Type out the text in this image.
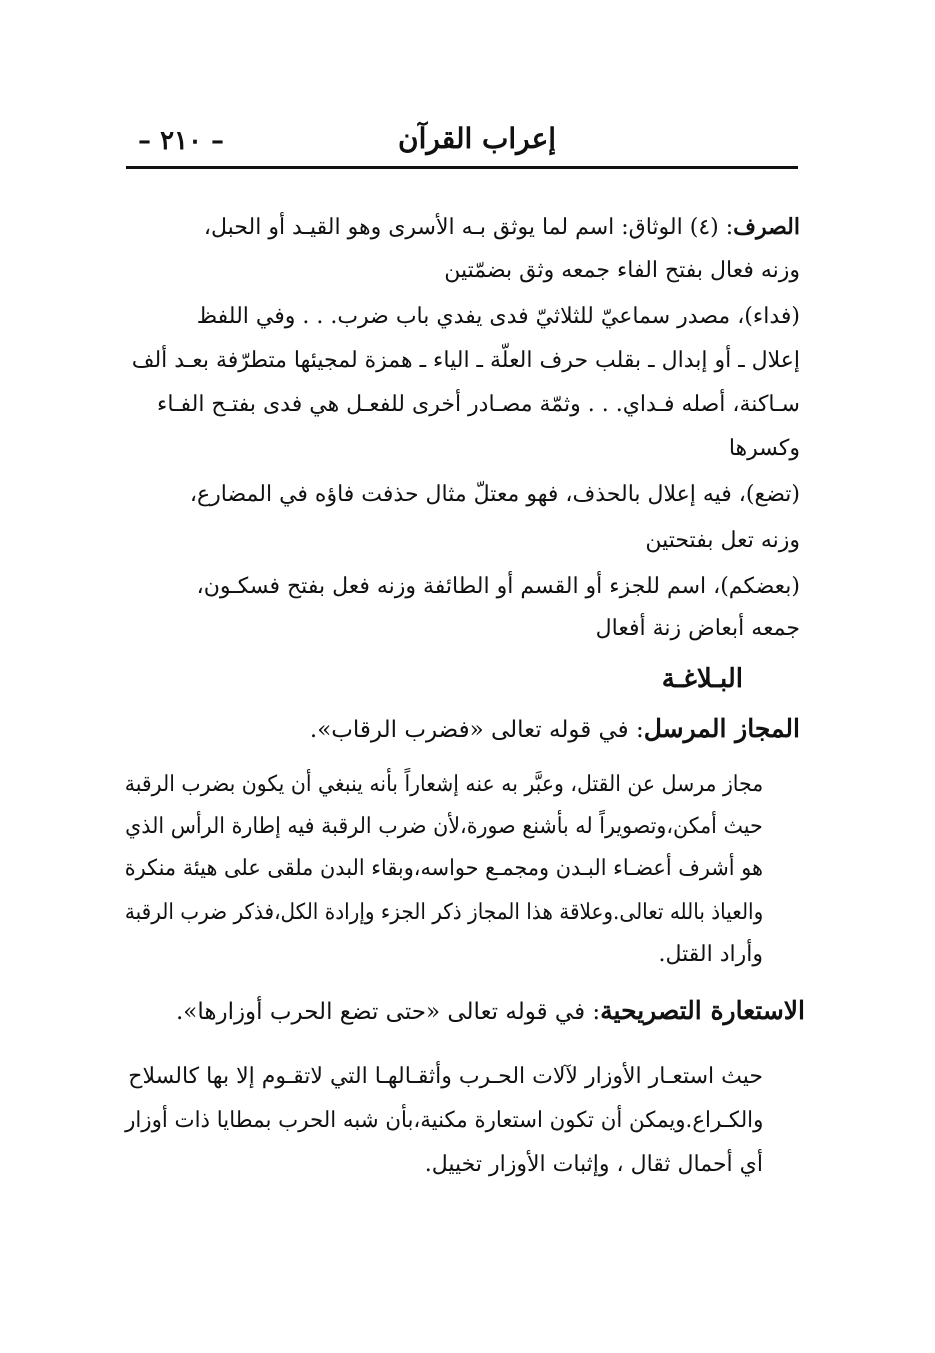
– ٢١٠ –	إعراب القرآن
الصرف: (٤) الوثاق: اسم لما يوثق بـه الأسرى وهو القيـد أو الحبل،
وزنه فعال بفتح الفاء جمعه وثق بضمّتين
(فداء)، مصدر سماعيّ للثلاثيّ فدى يفدي باب ضرب. . . وفي اللفظ
إعلال ـ أو إبدال ـ بقلب حرف العلّة ـ الياء ـ همزة لمجيئها متطرّفة بعـد ألف
سـاكنة، أصله فـداي. . . وثمّة مصـادر أخرى للفعـل هي فدى بفتـح الفـاء
وكسرها
(تضع)، فيه إعلال بالحذف، فهو معتلّ مثال حذفت فاؤه في المضارع،
وزنه تعل بفتحتين
(بعضكم)، اسم للجزء أو القسم أو الطائفة وزنه فعل بفتح فسكـون،
جمعه أبعاض زنة أفعال
البـلاغـة
المجاز المرسل: في قوله تعالى «فضرب الرقاب».
مجاز مرسل عن القتل، وعبَّر به عنه إشعاراً بأنه ينبغي أن يكون بضرب الرقبة
حيث أمكن،وتصويراً له بأشنع صورة،لأن ضرب الرقبة فيه إطارة الرأس الذي
هو أشرف أعضـاء البـدن ومجمـع حواسه،وبقاء البدن ملقى على هيئة منكرة
والعياذ بالله تعالى.وعلاقة هذا المجاز ذكر الجزء وإرادة الكل،فذكر ضرب الرقبة
وأراد القتل.
الاستعارة التصريحية: في قوله تعالى «حتى تضع الحرب أوزارها».
حيث استعـار الأوزار لآلات الحـرب وأثقـالهـا التي لاتقـوم إلا بها كالسلاح
والكـراع.ويمكن أن تكون استعارة مكنية،بأن شبه الحرب بمطايا ذات أوزار
أي أحمال ثقال ، وإثبات الأوزار تخييل.
